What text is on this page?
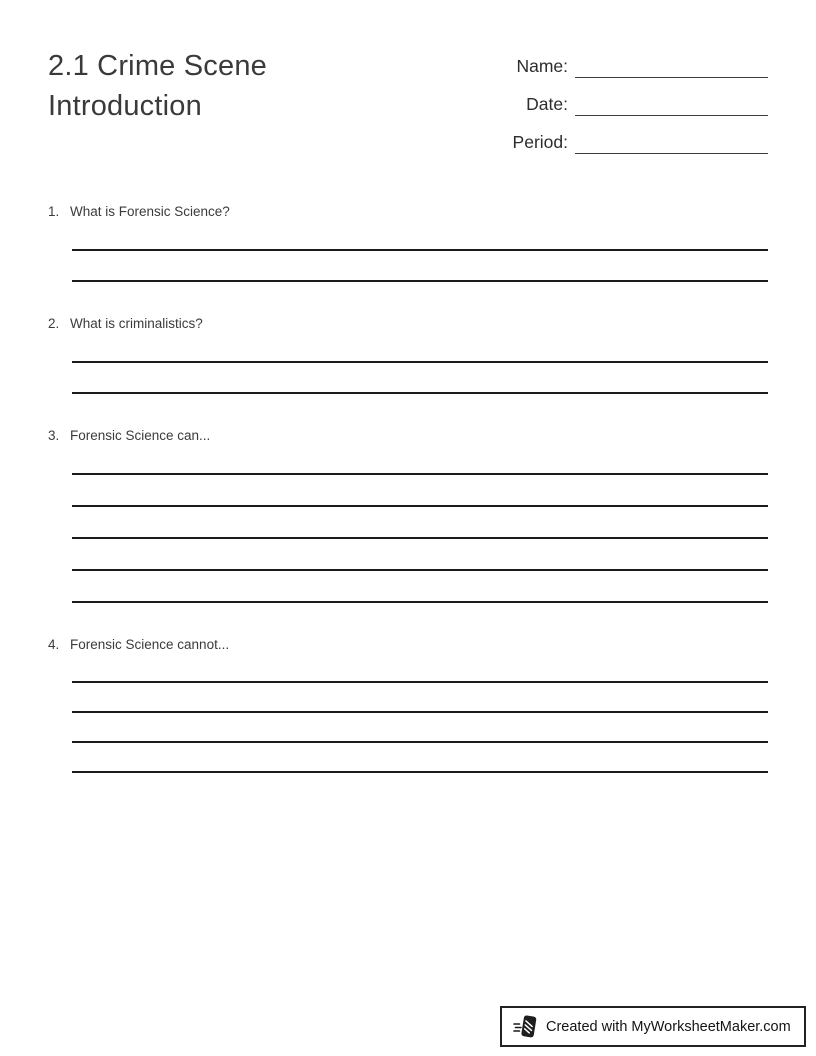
2.1 Crime Scene Introduction
Name:
Date:
Period:
1. What is Forensic Science?
2. What is criminalistics?
3. Forensic Science can...
4. Forensic Science cannot...
Created with MyWorksheetMaker.com
